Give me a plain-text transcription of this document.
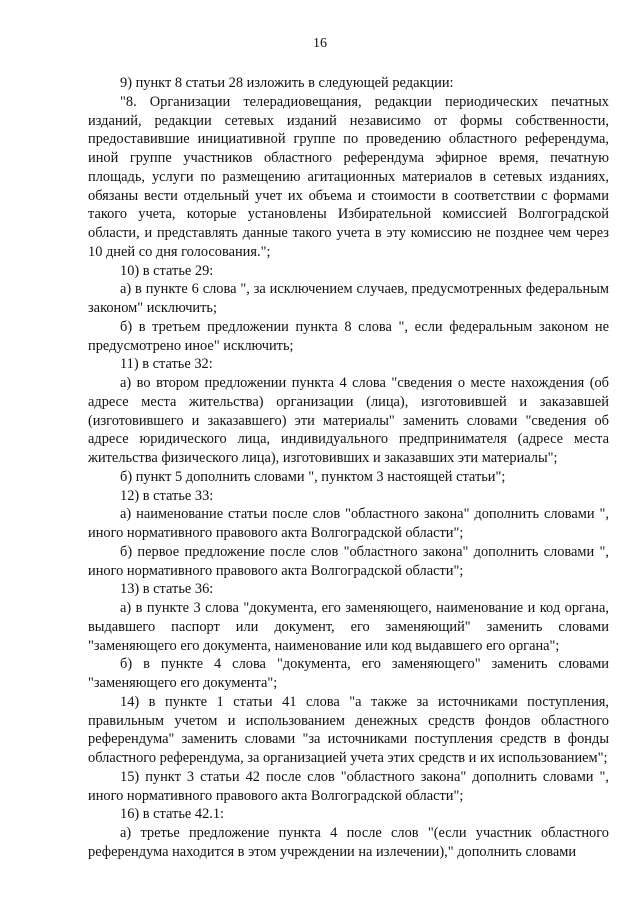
16

9) пункт 8 статьи 28 изложить в следующей редакции:

"8. Организации телерадиовещания, редакции периодических печатных изданий, редакции сетевых изданий независимо от формы собственности, предоставившие инициативной группе по проведению областного референдума, иной группе участников областного референдума эфирное время, печатную площадь, услуги по размещению агитационных материалов в сетевых изданиях, обязаны вести отдельный учет их объема и стоимости в соответствии с формами такого учета, которые установлены Избирательной комиссией Волгоградской области, и представлять данные такого учета в эту комиссию не позднее чем через 10 дней со дня голосования.";

10) в статье 29:

а) в пункте 6 слова ", за исключением случаев, предусмотренных федеральным законом" исключить;

б) в третьем предложении пункта 8 слова ", если федеральным законом не предусмотрено иное" исключить;

11) в статье 32:

а) во втором предложении пункта 4 слова "сведения о месте нахождения (об адресе места жительства) организации (лица), изготовившей и заказавшей (изготовившего и заказавшего) эти материалы" заменить словами "сведения об адресе юридического лица, индивидуального предпринимателя (адресе места жительства физического лица), изготовивших и заказавших эти материалы";

б) пункт 5 дополнить словами ", пунктом 3 настоящей статьи";

12) в статье 33:

а) наименование статьи после слов "областного закона" дополнить словами ", иного нормативного правового акта Волгоградской области";

б) первое предложение после слов "областного закона" дополнить словами ", иного нормативного правового акта Волгоградской области";

13) в статье 36:

а) в пункте 3 слова "документа, его заменяющего, наименование и код органа, выдавшего паспорт или документ, его заменяющий" заменить словами "заменяющего его документа, наименование или код выдавшего его органа";

б) в пункте 4 слова "документа, его заменяющего" заменить словами "заменяющего его документа";

14) в пункте 1 статьи 41 слова "а также за источниками поступления, правильным учетом и использованием денежных средств фондов областного референдума" заменить словами "за источниками поступления средств в фонды областного референдума, за организацией учета этих средств и их использованием";

15) пункт 3 статьи 42 после слов "областного закона" дополнить словами ", иного нормативного правового акта Волгоградской области";

16) в статье 42.1:

а) третье предложение пункта 4 после слов "(если участник областного референдума находится в этом учреждении на излечении)," дополнить словами
